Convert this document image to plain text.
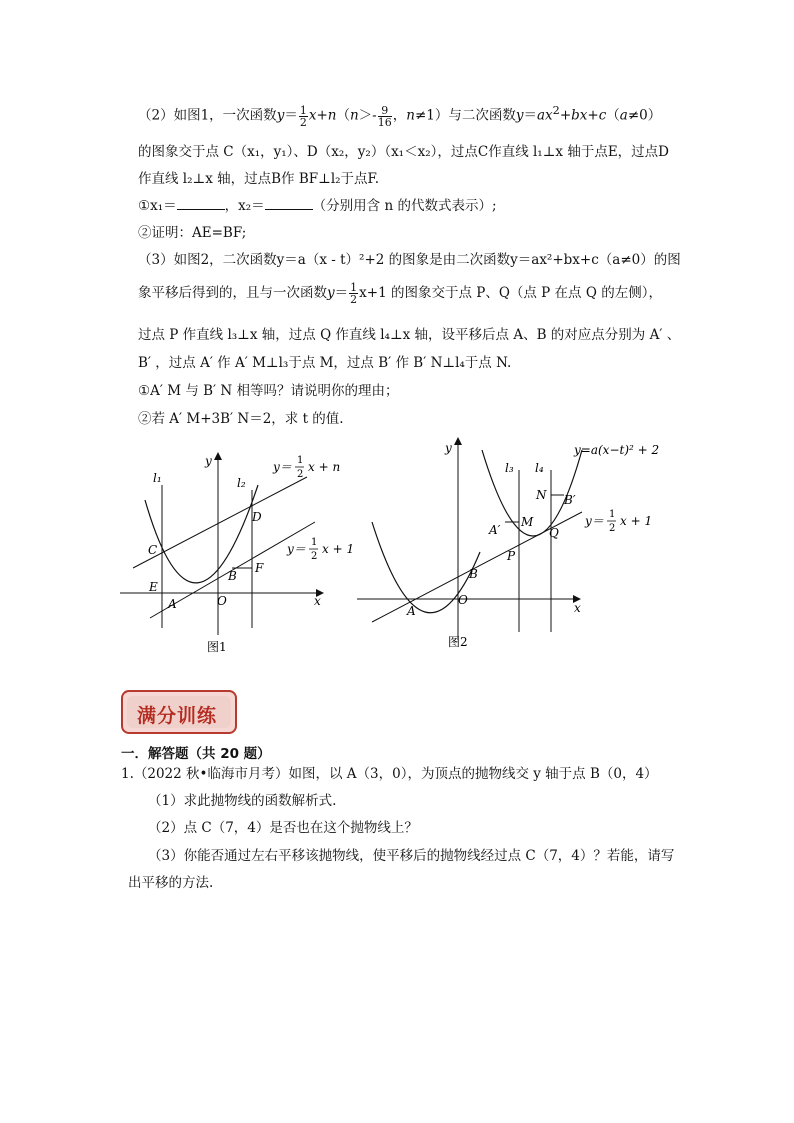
（2）如图1，一次函数$y= \frac{1}{2} x+n(n>- \frac{9}{16}$ ，n≠1）与二次函数$y=ax^2+bx+c(a\ne 0)$
的图象交于点 C（x₁，y₁）、D（x₂，y₂）（x₁＜x₂），过点C作直线 l₁⊥x 轴于点E，过点D
作直线 l₂⊥x 轴，过点B作 BF⊥l₂于点F.
①x₁＝	，x₂＝	（分别用含 n 的代数式表示）;
②证明：AE=BF;
（3）如图2，二次函数y＝a（x - t）²+2 的图象是由二次函数y＝ax²+bx+c（a≠0）的图
象平移后得到的，且与一次函数$y= \frac{1}{2} x+1$ 的图象交于点 P、Q（点 P 在点 Q 的左侧），
过点 P 作直线 l₃⊥x 轴，过点 Q 作直线 l₄⊥x 轴，设平移后点 A、B 的对应点分别为 A′ 、
B′ ，过点 A′ 作 A′ M⊥l₃于点 M，过点 B′ 作 B′ N⊥l₄于点 N.
①A′ M 与 B′ N 相等吗？请说明你的理由；
②若 A′ M+3B′ N＝2，求 t 的值.
l₁
y
l₂
C
D
E
A	O
B
F
x
y＝ 1
2
x + n
y＝ 1
2
x + 1
图1
y
l₃ l₄
N B′
A′
M
Q
P
B
A
O
x
y=a(x−t)² + 2
y＝ 1
2
x + 1
图2
满分训练
一．解答题（共 20 题）
1.（2022 秋•临海市月考）如图，以 A（3，0），为顶点的抛物线交 y 轴于点 B（0，4）
（1）求此抛物线的函数解析式.
（2）点 C（7，4）是否也在这个抛物线上？
（3）你能否通过左右平移该抛物线，使平移后的抛物线经过点 C（7，4）？若能，请写
出平移的方法.
